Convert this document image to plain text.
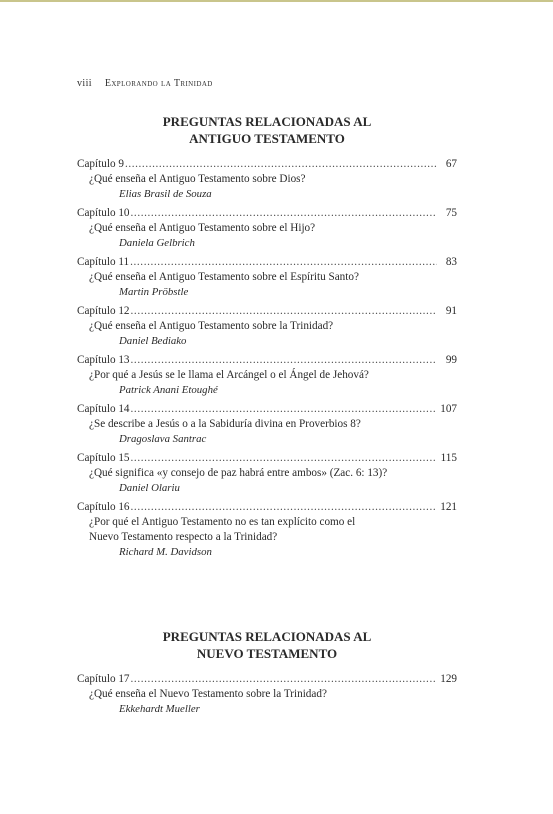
viii Explorando la Trinidad
PREGUNTAS RELACIONADAS AL
ANTIGUO TESTAMENTO
Capítulo 9 .....	67
¿Qué enseña el Antiguo Testamento sobre Dios?
Elias Brasil de Souza
Capítulo 10 .....	75
¿Qué enseña el Antiguo Testamento sobre el Hijo?
Daniela Gelbrich
Capítulo 11 .....	83
¿Qué enseña el Antiguo Testamento sobre el Espíritu Santo?
Martin Pröbstle
Capítulo 12 .....	91
¿Qué enseña el Antiguo Testamento sobre la Trinidad?
Daniel Bediako
Capítulo 13 .....	99
¿Por qué a Jesús se le llama el Arcángel o el Ángel de Jehová?
Patrick Anani Etoughé
Capítulo 14 .....	107
¿Se describe a Jesús o a la Sabiduría divina en Proverbios 8?
Dragoslava Santrac
Capítulo 15 .....	115
¿Qué significa «y consejo de paz habrá entre ambos» (Zac. 6: 13)?
Daniel Olariu
Capítulo 16 .....	121
¿Por qué el Antiguo Testamento no es tan explícito como el
Nuevo Testamento respecto a la Trinidad?
Richard M. Davidson
PREGUNTAS RELACIONADAS AL
NUEVO TESTAMENTO
Capítulo 17 .....	129
¿Qué enseña el Nuevo Testamento sobre la Trinidad?
Ekkehardt Mueller
